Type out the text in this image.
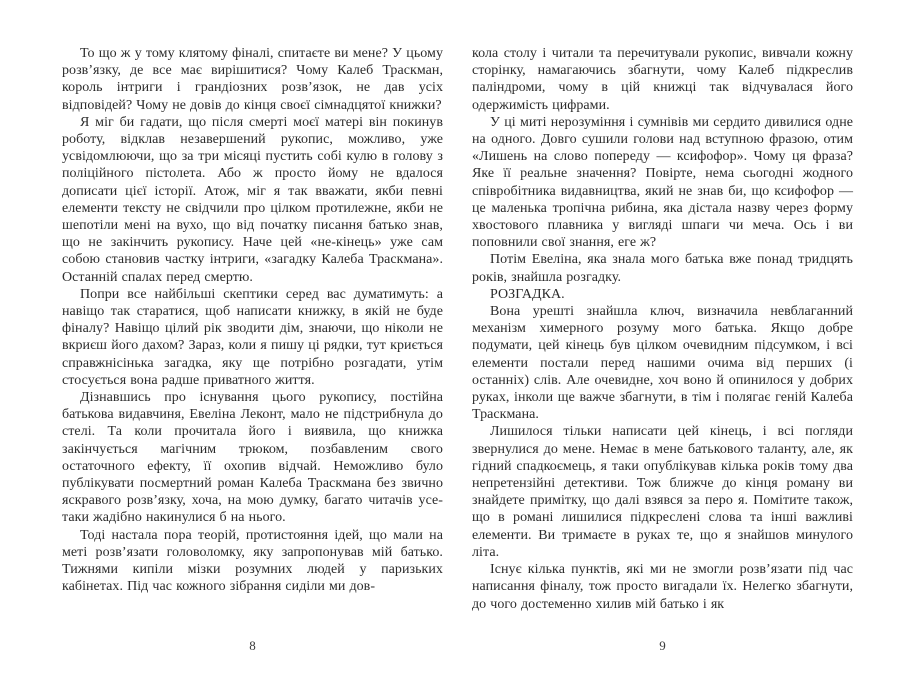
То що ж у тому клятому фіналі, спитаєте ви мене? У цьому розв’язку, де все має вирішитися? Чому Калеб Траскман, король інтриги і грандіозних розв’язок, не дав усіх відповідей? Чому не довів до кінця своєї сімнадцятої книжки?

Я міг би гадати, що після смерті моєї матері він покинув роботу, відклав незавершений рукопис, можливо, уже усвідомлюючи, що за три місяці пустить собі кулю в голову з поліційного пістолета. Або ж просто йому не вдалося дописати цієї історії. Атож, міг я так вважати, якби певні елементи тексту не свідчили про цілком протилежне, якби не шепотіли мені на вухо, що від початку писання батько знав, що не закінчить рукопису. Наче цей «не-кінець» уже сам собою становив частку інтриги, «загадку Калеба Траскмана». Останній спалах перед смертю.

Попри все найбільші скептики серед вас думатимуть: а навіщо так старатися, щоб написати книжку, в якій не буде фіналу? Навіщо цілий рік зводити дім, знаючи, що ніколи не вкриєш його дахом? Зараз, коли я пишу ці рядки, тут криється справжнісінька загадка, яку ще потрібно розгадати, утім стосується вона радше приватного життя.

Дізнавшись про існування цього рукопису, постійна батькова видавчиня, Евеліна Леконт, мало не підстрибнула до стелі. Та коли прочитала його і виявила, що книжка закінчується магічним трюком, позбавленим свого остаточного ефекту, її охопив відчай. Неможливо було публікувати посмертний роман Калеба Траскмана без звично яскравого розв’язку, хоча, на мою думку, багато читачів усе-таки жадібно накинулися б на нього.

Тоді настала пора теорій, протистояння ідей, що мали на меті розв’язати головоломку, яку запропонував мій батько. Тижнями кипіли мізки розумних людей у паризьких кабінетах. Під час кожного зібрання сиділи ми дов-

кола столу і читали та перечитували рукопис, вивчали кожну сторінку, намагаючись збагнути, чому Калеб підкреслив паліндроми, чому в цій книжці так відчувалася його одержимість цифрами.

У ці миті нерозуміння і сумнівів ми сердито дивилися одне на одного. Довго сушили голови над вступною фразою, отим «Лишень на слово попереду — ксифофор». Чому ця фраза? Яке її реальне значення? Повірте, нема сьогодні жодного співробітника видавництва, який не знав би, що ксифофор — це маленька тропічна рибина, яка дістала назву через форму хвостового плавника у вигляді шпаги чи меча. Ось і ви поповнили свої знання, еге ж?

Потім Евеліна, яка знала мого батька вже понад тридцять років, знайшла розгадку.

РОЗГАДКА.

Вона урешті знайшла ключ, визначила невблаганний механізм химерного розуму мого батька. Якщо добре подумати, цей кінець був цілком очевидним підсумком, і всі елементи постали перед нашими очима від перших (і останніх) слів. Але очевидне, хоч воно й опинилося у добрих руках, інколи ще важче збагнути, в тім і полягає геній Калеба Траскмана.

Лишилося тільки написати цей кінець, і всі погляди звернулися до мене. Немає в мене батькового таланту, але, як гідний спадкоємець, я таки опублікував кілька років тому два непретензійні детективи. Тож ближче до кінця роману ви знайдете примітку, що далі взявся за перо я. Помітите також, що в романі лишилися підкреслені слова та інші важливі елементи. Ви тримаєте в руках те, що я знайшов минулого літа.

Існує кілька пунктів, які ми не змогли розв’язати під час написання фіналу, тож просто вигадали їх. Нелегко збагнути, до чого достеменно хилив мій батько і як

8	9
